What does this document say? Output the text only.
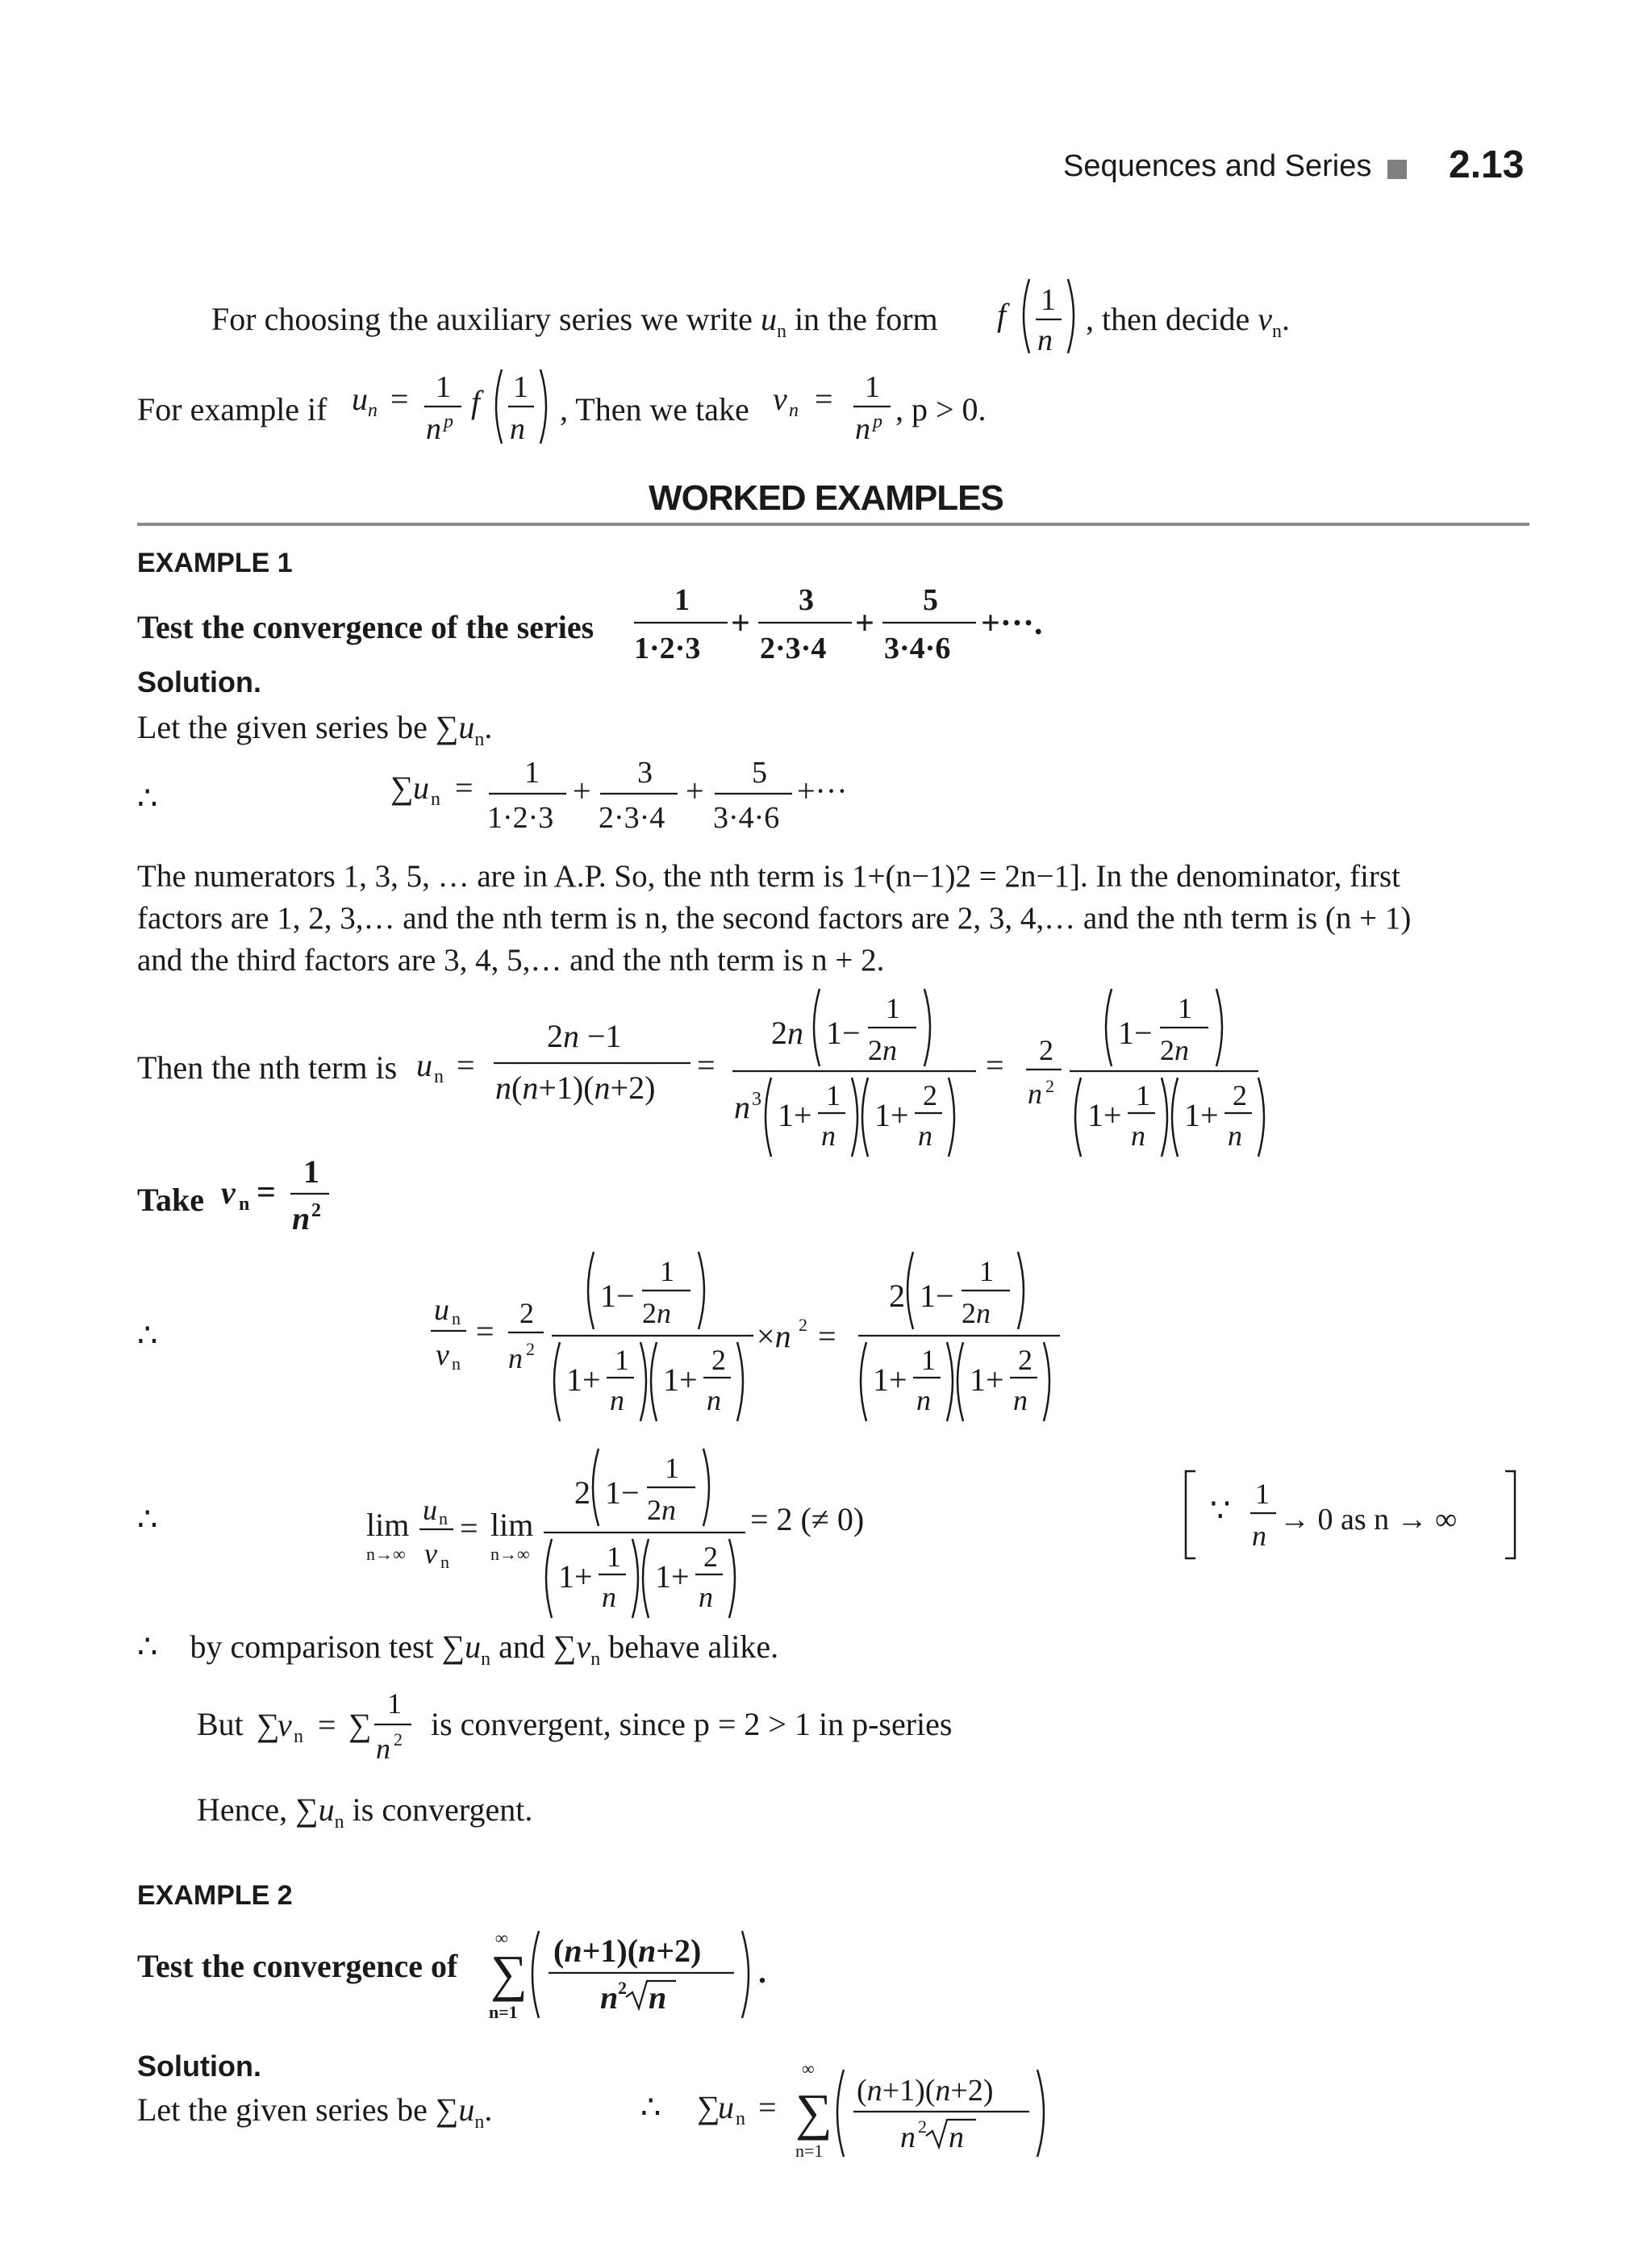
Sequences and Series 2.13
For choosing the auxiliary series we write $u_n$ in the form f 1
n
, then decide $v_n$.
For example if u n = 1
n p
f 1
n
, Then we take v n = 1
n p , p > 0.
WORKED EXAMPLES
EXAMPLE 1
Test the convergence of the series
1
1·2·3
+
3
2·3·4
+
5
3·4·6
+···.
Solution.
Let the given series be $\sum u_n$.
∴	∑ u n = 1
1·2·3
+ 3
2·3·4
+ 5
3·4·6
+···
The numerators 1, 3, 5, … are in A.P. So, the nth term is 1+(n−1)2 = 2n−1]. In the denominator, first
factors are 1, 2, 3,… and the nth term is n, the second factors are 2, 3, 4,… and the nth term is (n + 1)
and the third factors are 3, 4, 5,… and the nth term is n + 2.
Then the nth term is u n =
2n −1
n(n+1)(n+2)
=
2n 1−
1
2n
n 3 1+
1
n
1+
2
n
= 2
n 2
1−
1
2n
1+
1
n
1+
2
n
Take v n =
1
n 2
∴
u n
v n
= 2
n 2
1−
1
2n
1+
1
n
1+
2
n
×n 2 =
2 1−
1
2n
1+
1
n
1+
2
n
∴	lim
n→∞
u n
v n
= lim
n→∞
2 1−
1
2n
1+
1
n
1+
2
n
= 2 (≠ 0)	∵ 1
n → 0 as n → ∞
∴ by comparison test $\sum u_n$ and $\sum v_n$ behave alike.
But ∑
v n = ∑
1
n 2 is convergent, since p = 2 > 1 in p-series
Hence, $\sum u_n$ is convergent.
EXAMPLE 2
Test the convergence of
∞
∑
n=1
(n+1)(n+2)
n 2 n
.
Solution.
Let the given series be $\sum u_n$.	∴ ∑
u n =
∞
∑
n=1
(n+1)(n+2)
n 2 n
